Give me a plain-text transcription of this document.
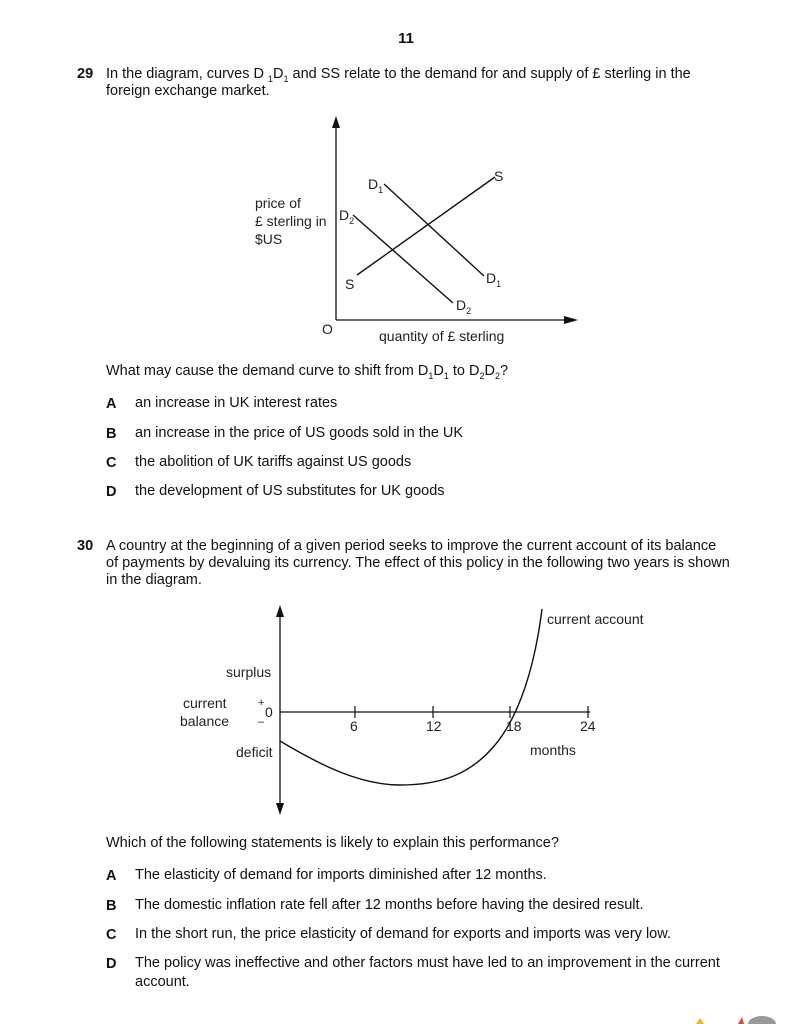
11
29 In the diagram, curves D $_1D_1$ and SS relate to the demand for and supply of £ sterling in the
foreign exchange market.
S
S
$D_1$
$D_1$
$D_2$
$D_2$
price of
£ sterling in
$US
O	quantity of £ sterling
What may cause the demand curve to shift from $D_1D_1$ to $D_2D_2$?
A an increase in UK interest rates
B an increase in the price of US goods sold in the UK
C the abolition of UK tariffs against US goods
D the development of US substitutes for UK goods
30 A country at the beginning of a given period seeks to improve the current account of its balance
of payments by devaluing its currency. The effect of this policy in the following two years is shown
in the diagram.
6	12	18	24
current account
surplus
current
balance
+
0
–
deficit	months
Which of the following statements is likely to explain this performance?
A The elasticity of demand for imports diminished after 12 months.
B The domestic inflation rate fell after 12 months before having the desired result.
C In the short run, the price elasticity of demand for exports and imports was very low.
D The policy was ineffective and other factors must have led to an improvement in the current
account.
